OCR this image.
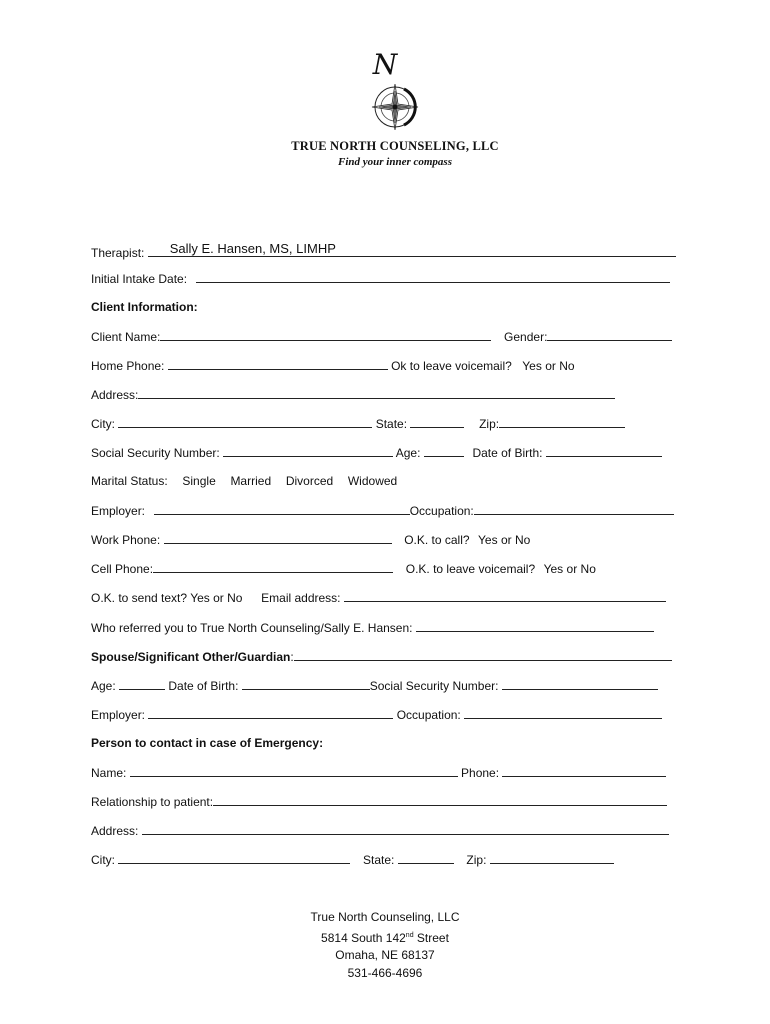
N
TRUE NORTH COUNSELING, LLC
Find your inner compass
Therapist: Sally E. Hansen, MS, LIMHP
Initial Intake Date:
Client Information:
Client Name:	Gender:
Home Phone:	Ok to leave voicemail? Yes or No
Address:
City:	State:	Zip:
Social Security Number:	Age:	Date of Birth:
Marital Status: Single Married Divorced Widowed
Employer:	Occupation:
Work Phone:	O.K. to call? Yes or No
Cell Phone:	O.K. to leave voicemail? Yes or No
O.K. to send text? Yes or No Email address:
Who referred you to True North Counseling/Sally E. Hansen:
Spouse/Significant Other/Guardian:
Age:	Date of Birth:	Social Security Number:
Employer:	Occupation:
Person to contact in case of Emergency:
Name:	Phone:
Relationship to patient:
Address:
City:	State:	Zip:
True North Counseling, LLC
5814 South 142nd Street
Omaha, NE 68137
531-466-4696
